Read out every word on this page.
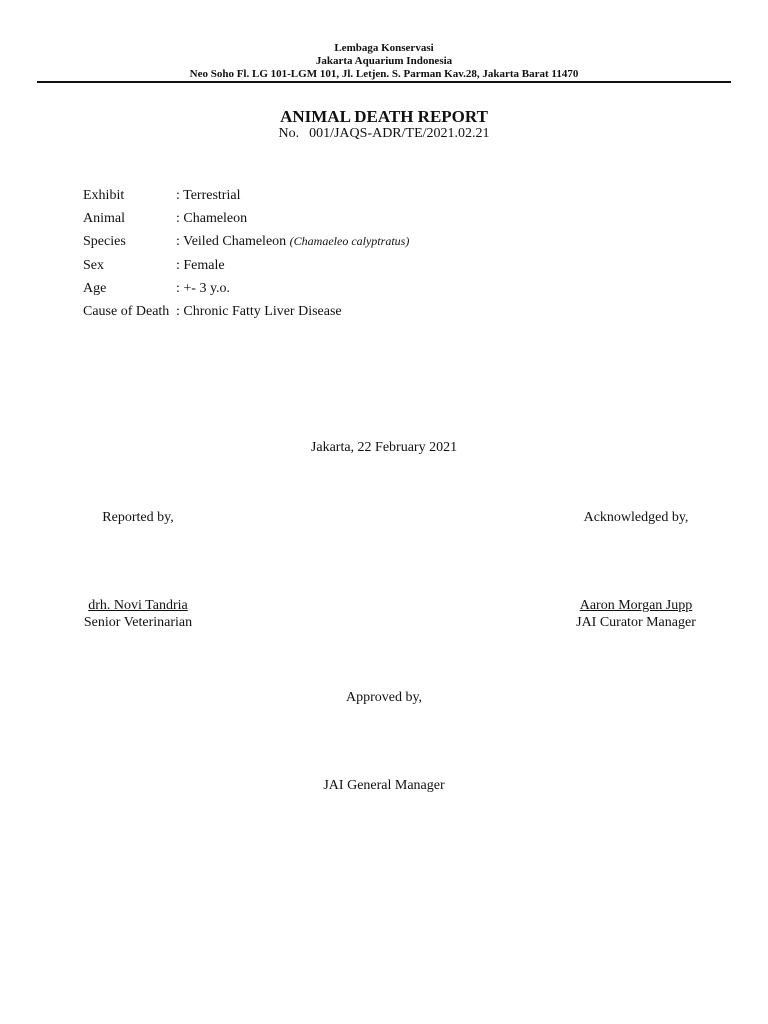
Lembaga Konservasi
Jakarta Aquarium Indonesia
Neo Soho Fl. LG 101-LGM 101, Jl. Letjen. S. Parman Kav.28, Jakarta Barat 11470
ANIMAL DEATH REPORT
No. 001/JAQS-ADR/TE/2021.02.21
Exhibit	: Terrestrial
Animal	: Chameleon
Species	: Veiled Chameleon (Chamaeleo calyptratus)
Sex	: Female
Age	: +- 3 y.o.
Cause of Death : Chronic Fatty Liver Disease
Jakarta, 22 February 2021
Reported by,
drh. Novi Tandria
Senior Veterinarian
Acknowledged by,
Aaron Morgan Jupp
JAI Curator Manager
Approved by,
JAI General Manager
